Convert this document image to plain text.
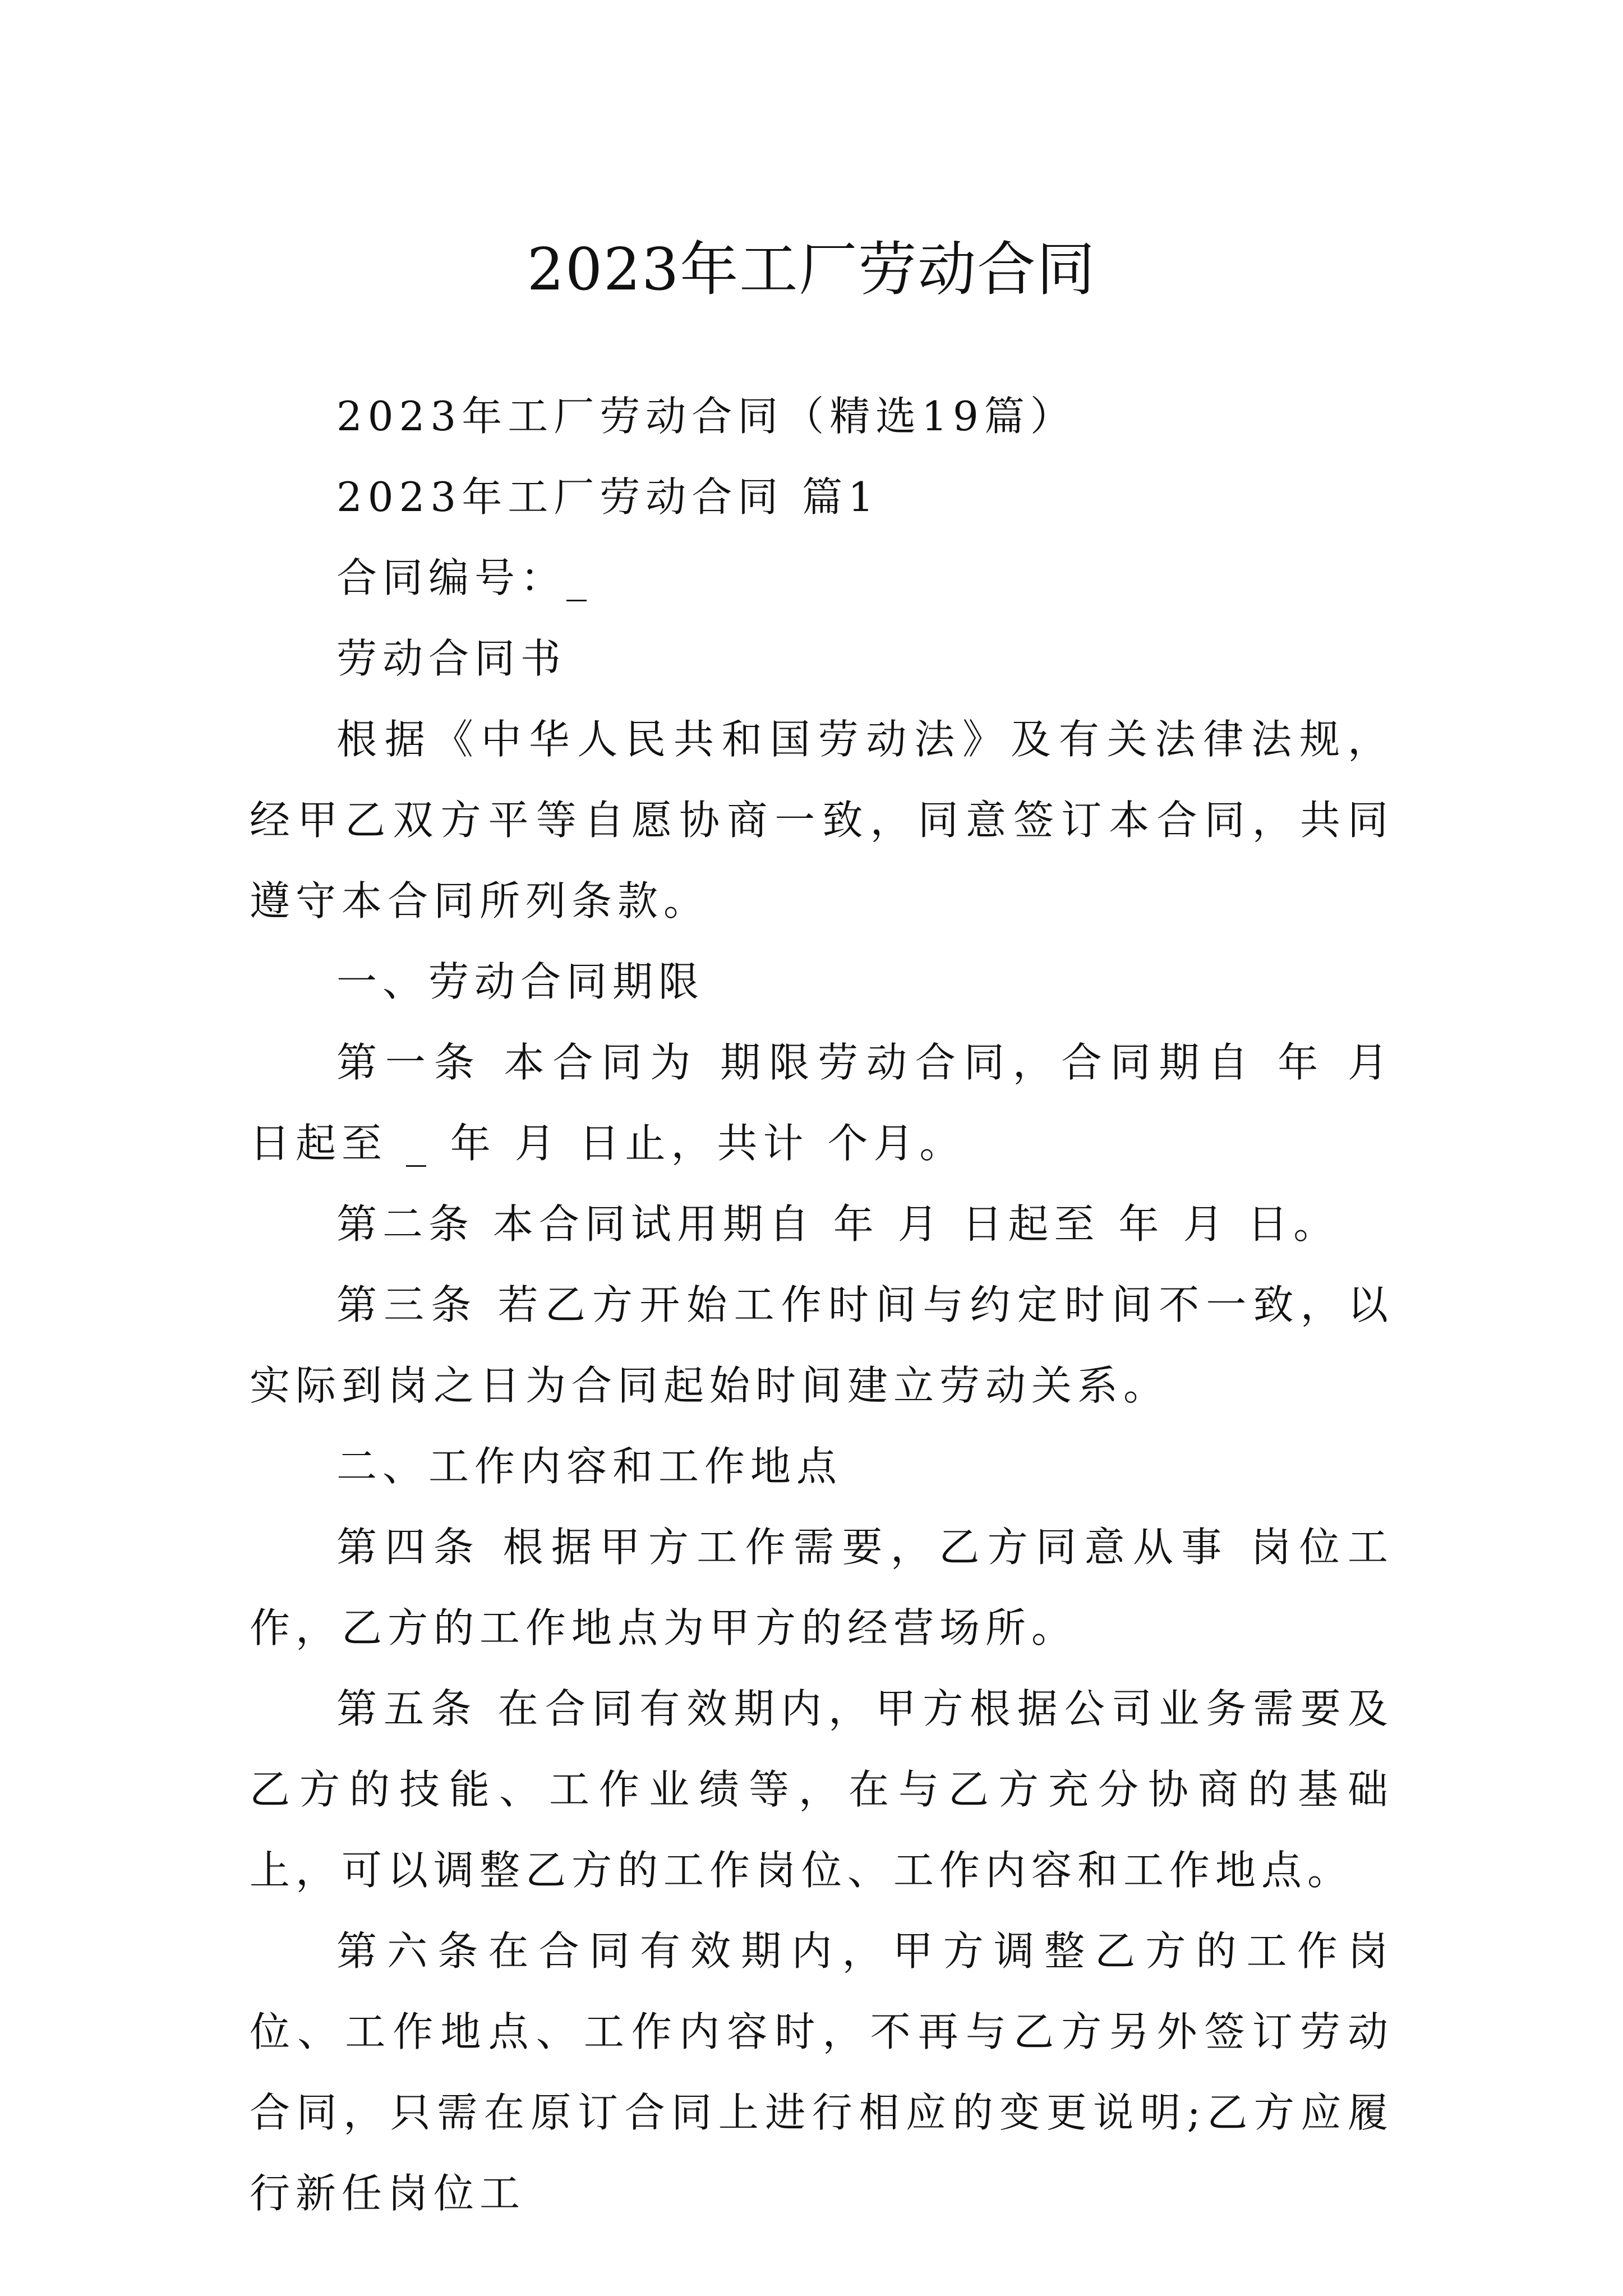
2023年工厂劳动合同

2023年工厂劳动合同（精选19篇）

2023年工厂劳动合同 篇1

合同编号：_

劳动合同书

根据《中华人民共和国劳动法》及有关法律法规，经甲乙双方平等自愿协商一致，同意签订本合同，共同遵守本合同所列条款。

一、劳动合同期限

第一条 本合同为 期限劳动合同，合同期自 年 月 日起至 _ 年 月 日止，共计 个月。

第二条 本合同试用期自 年 月 日起至 年 月 日。

第三条 若乙方开始工作时间与约定时间不一致，以实际到岗之日为合同起始时间建立劳动关系。

二、工作内容和工作地点

第四条 根据甲方工作需要，乙方同意从事 岗位工作，乙方的工作地点为甲方的经营场所。

第五条 在合同有效期内，甲方根据公司业务需要及乙方的技能、工作业绩等，在与乙方充分协商的基础上，可以调整乙方的工作岗位、工作内容和工作地点。

第六条在合同有效期内，甲方调整乙方的工作岗位、工作地点、工作内容时，不再与乙方另外签订劳动合同，只需在原订合同上进行相应的变更说明;乙方应履行新任岗位工
